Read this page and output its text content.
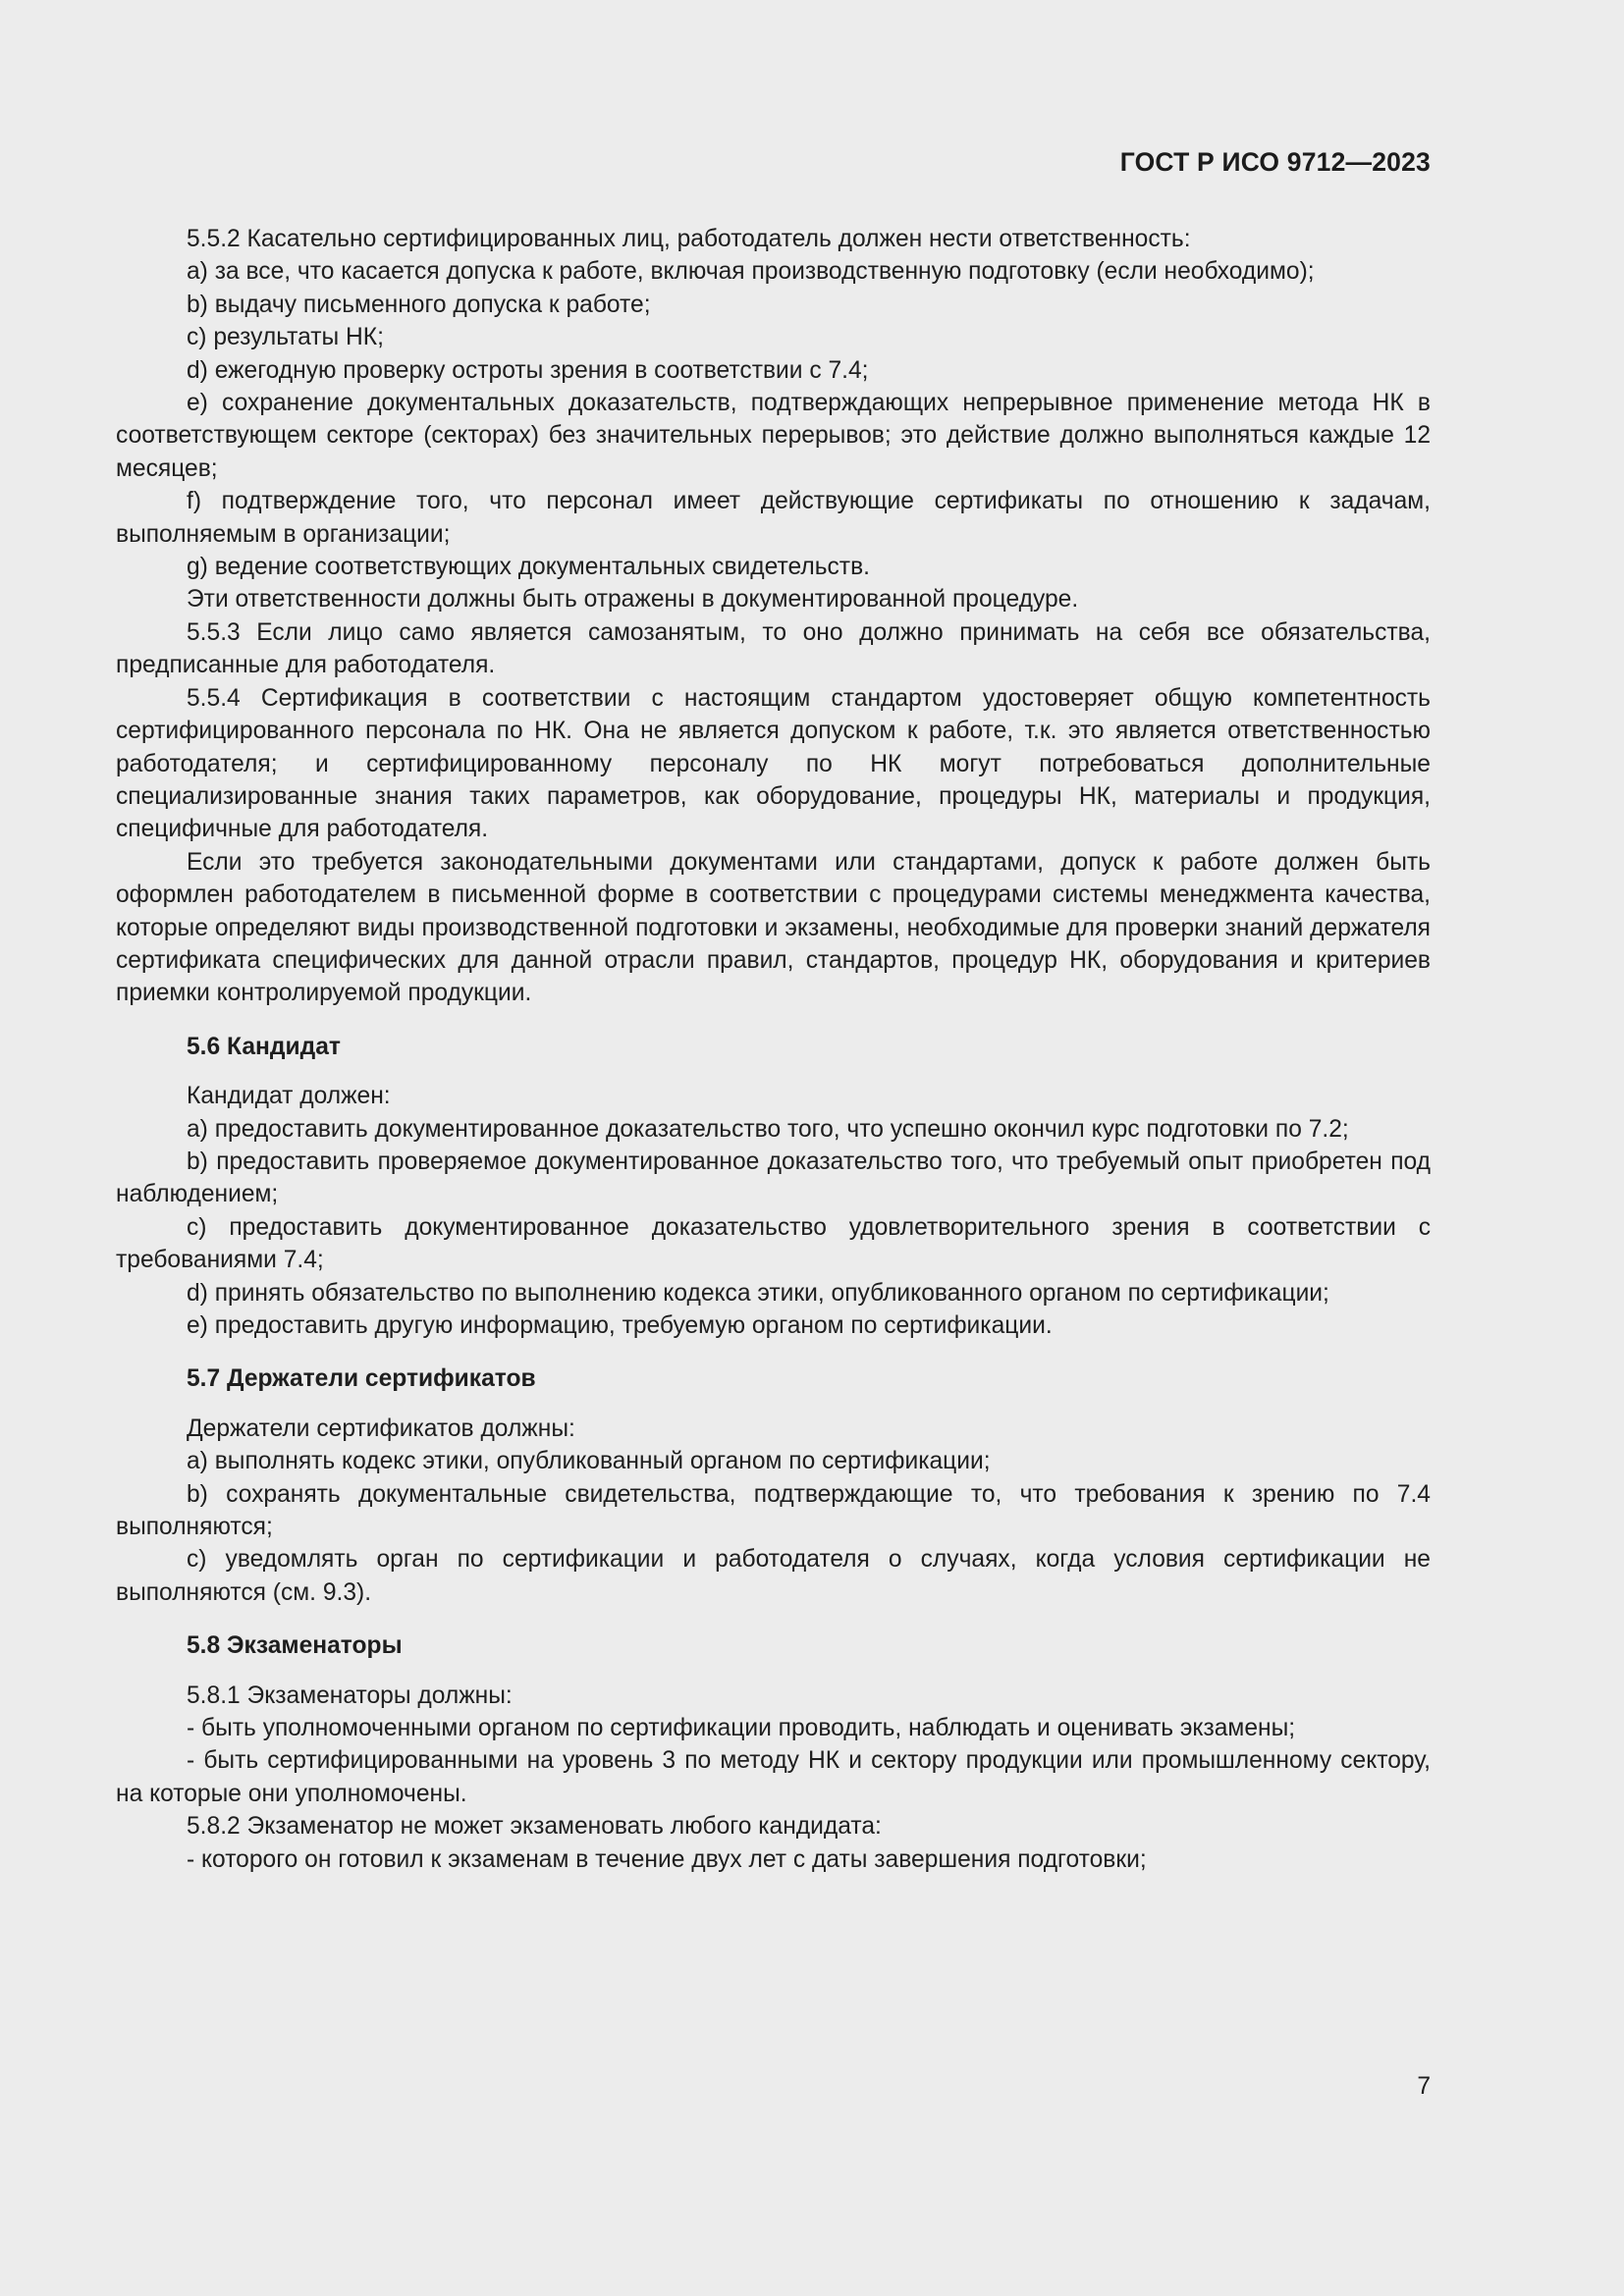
ГОСТ Р ИСО 9712—2023

5.5.2 Касательно сертифицированных лиц, работодатель должен нести ответственность:

a) за все, что касается допуска к работе, включая производственную подготовку (если необходимо);

b) выдачу письменного допуска к работе;

c) результаты НК;

d) ежегодную проверку остроты зрения в соответствии с 7.4;

e) сохранение документальных доказательств, подтверждающих непрерывное применение метода НК в соответствующем секторе (секторах) без значительных перерывов; это действие должно выполняться каждые 12 месяцев;

f) подтверждение того, что персонал имеет действующие сертификаты по отношению к задачам, выполняемым в организации;

g) ведение соответствующих документальных свидетельств.

Эти ответственности должны быть отражены в документированной процедуре.

5.5.3 Если лицо само является самозанятым, то оно должно принимать на себя все обязательства, предписанные для работодателя.

5.5.4 Сертификация в соответствии с настоящим стандартом удостоверяет общую компетентность сертифицированного персонала по НК. Она не является допуском к работе, т.к. это является ответственностью работодателя; и сертифицированному персоналу по НК могут потребоваться дополнительные специализированные знания таких параметров, как оборудование, процедуры НК, материалы и продукция, специфичные для работодателя.

Если это требуется законодательными документами или стандартами, допуск к работе должен быть оформлен работодателем в письменной форме в соответствии с процедурами системы менеджмента качества, которые определяют виды производственной подготовки и экзамены, необходимые для проверки знаний держателя сертификата специфических для данной отрасли правил, стандартов, процедур НК, оборудования и критериев приемки контролируемой продукции.

5.6 Кандидат

Кандидат должен:

a) предоставить документированное доказательство того, что успешно окончил курс подготовки по 7.2;

b) предоставить проверяемое документированное доказательство того, что требуемый опыт приобретен под наблюдением;

c) предоставить документированное доказательство удовлетворительного зрения в соответствии с требованиями 7.4;

d) принять обязательство по выполнению кодекса этики, опубликованного органом по сертификации;

e) предоставить другую информацию, требуемую органом по сертификации.

5.7 Держатели сертификатов

Держатели сертификатов должны:

a) выполнять кодекс этики, опубликованный органом по сертификации;

b) сохранять документальные свидетельства, подтверждающие то, что требования к зрению по 7.4 выполняются;

c) уведомлять орган по сертификации и работодателя о случаях, когда условия сертификации не выполняются (см. 9.3).

5.8 Экзаменаторы

5.8.1 Экзаменаторы должны:

- быть уполномоченными органом по сертификации проводить, наблюдать и оценивать экзамены;

- быть сертифицированными на уровень 3 по методу НК и сектору продукции или промышленному сектору, на которые они уполномочены.

5.8.2 Экзаменатор не может экзаменовать любого кандидата:

- которого он готовил к экзаменам в течение двух лет с даты завершения подготовки;

7
